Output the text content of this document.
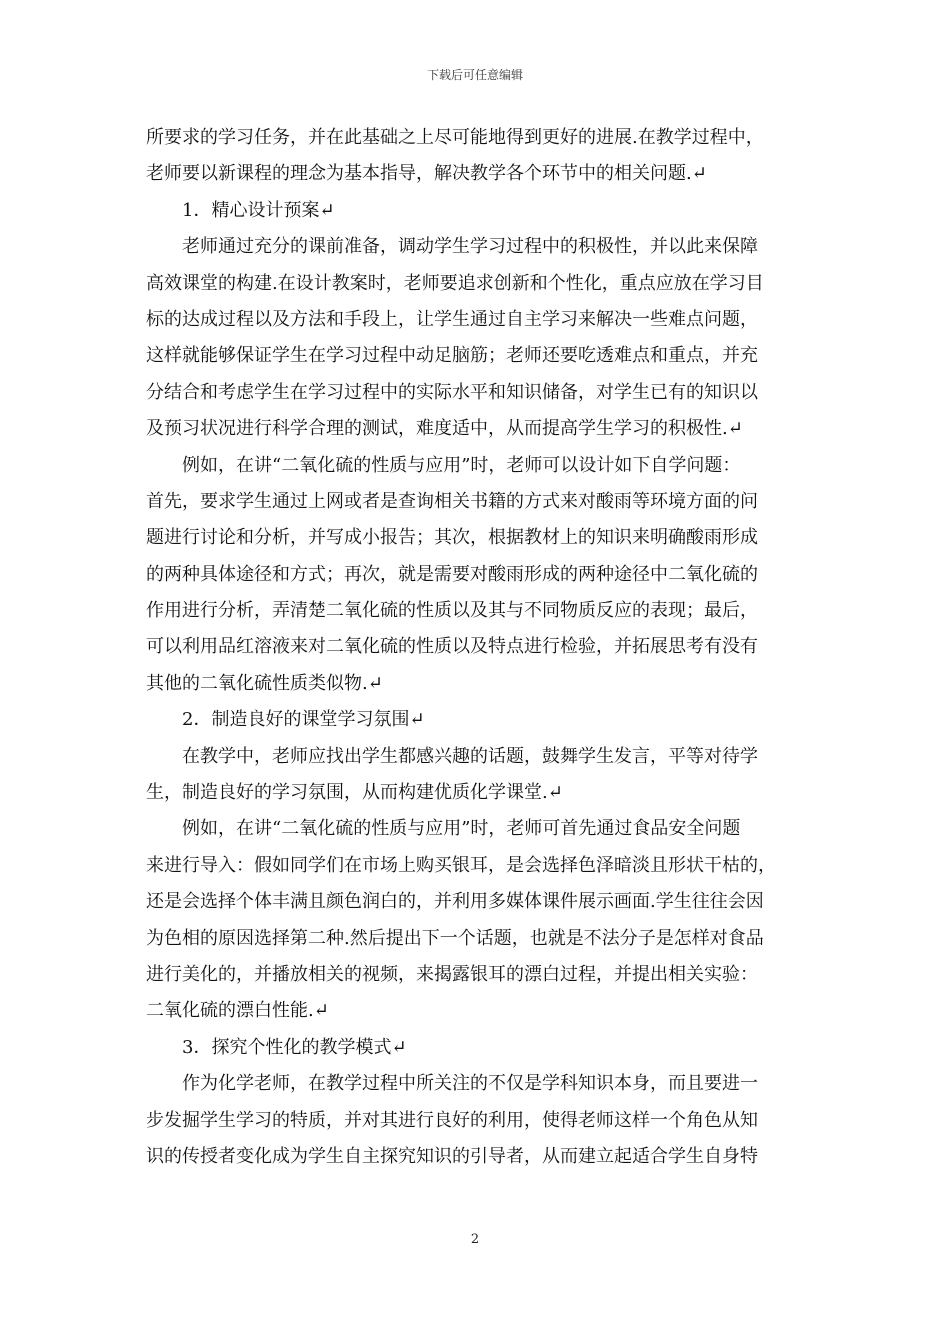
下载后可任意编辑
所要求的学习任务，并在此基础之上尽可能地得到更好的进展.在教学过程中，
老师要以新课程的理念为基本指导，解决教学各个环节中的相关问题.↵
1．精心设计预案↵
老师通过充分的课前准备，调动学生学习过程中的积极性，并以此来保障
高效课堂的构建.在设计教案时，老师要追求创新和个性化，重点应放在学习目
标的达成过程以及方法和手段上，让学生通过自主学习来解决一些难点问题，
这样就能够保证学生在学习过程中动足脑筋；老师还要吃透难点和重点，并充
分结合和考虑学生在学习过程中的实际水平和知识储备，对学生已有的知识以
及预习状况进行科学合理的测试，难度适中，从而提高学生学习的积极性.↵
例如，在讲“二氧化硫的性质与应用”时，老师可以设计如下自学问题：
首先，要求学生通过上网或者是查询相关书籍的方式来对酸雨等环境方面的问
题进行讨论和分析，并写成小报告；其次，根据教材上的知识来明确酸雨形成
的两种具体途径和方式；再次，就是需要对酸雨形成的两种途径中二氧化硫的
作用进行分析，弄清楚二氧化硫的性质以及其与不同物质反应的表现；最后，
可以利用品红溶液来对二氧化硫的性质以及特点进行检验，并拓展思考有没有
其他的二氧化硫性质类似物.↵
2．制造良好的课堂学习氛围↵
在教学中，老师应找出学生都感兴趣的话题，鼓舞学生发言，平等对待学
生，制造良好的学习氛围，从而构建优质化学课堂.↵
例如，在讲“二氧化硫的性质与应用”时，老师可首先通过食品安全问题
来进行导入：假如同学们在市场上购买银耳，是会选择色泽暗淡且形状干枯的，
还是会选择个体丰满且颜色润白的，并利用多媒体课件展示画面.学生往往会因
为色相的原因选择第二种.然后提出下一个话题，也就是不法分子是怎样对食品
进行美化的，并播放相关的视频，来揭露银耳的漂白过程，并提出相关实验：
二氧化硫的漂白性能.↵
3．探究个性化的教学模式↵
作为化学老师，在教学过程中所关注的不仅是学科知识本身，而且要进一
步发掘学生学习的特质，并对其进行良好的利用，使得老师这样一个角色从知
识的传授者变化成为学生自主探究知识的引导者，从而建立起适合学生自身特
2
